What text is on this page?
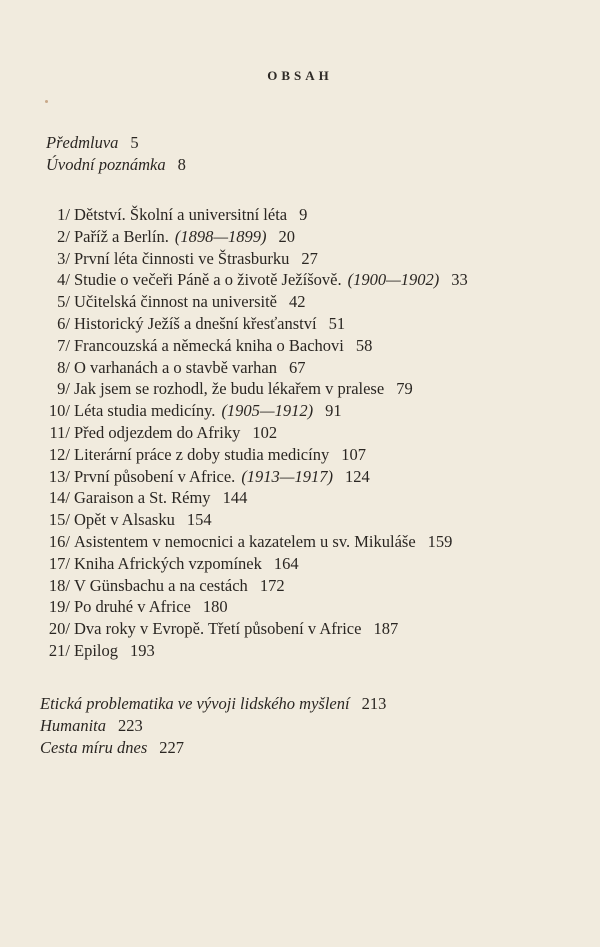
OBSAH
Předmluva 5
Úvodní poznámka 8
1/ Dětství. Školní a universitní léta 9
2/ Paříž a Berlín. (1898—1899) 20
3/ První léta činnosti ve Štrasburku 27
4/ Studie o večeři Páně a o životě Ježíšově. (1900—1902) 33
5/ Učitelská činnost na universitě 42
6/ Historický Ježíš a dnešní křesťanství 51
7/ Francouzská a německá kniha o Bachovi 58
8/ O varhanách a o stavbě varhan 67
9/ Jak jsem se rozhodl, že budu lékařem v pralese 79
10/ Léta studia medicíny. (1905—1912) 91
11/ Před odjezdem do Afriky 102
12/ Literární práce z doby studia medicíny 107
13/ První působení v Africe. (1913—1917) 124
14/ Garaison a St. Rémy 144
15/ Opět v Alsasku 154
16/ Asistentem v nemocnici a kazatelem u sv. Mikuláše 159
17/ Kniha Afrických vzpomínek 164
18/ V Günsbachu a na cestách 172
19/ Po druhé v Africe 180
20/ Dva roky v Evropě. Třetí působení v Africe 187
21/ Epilog 193
Etická problematika ve vývoji lidského myšlení 213
Humanita 223
Cesta míru dnes 227
